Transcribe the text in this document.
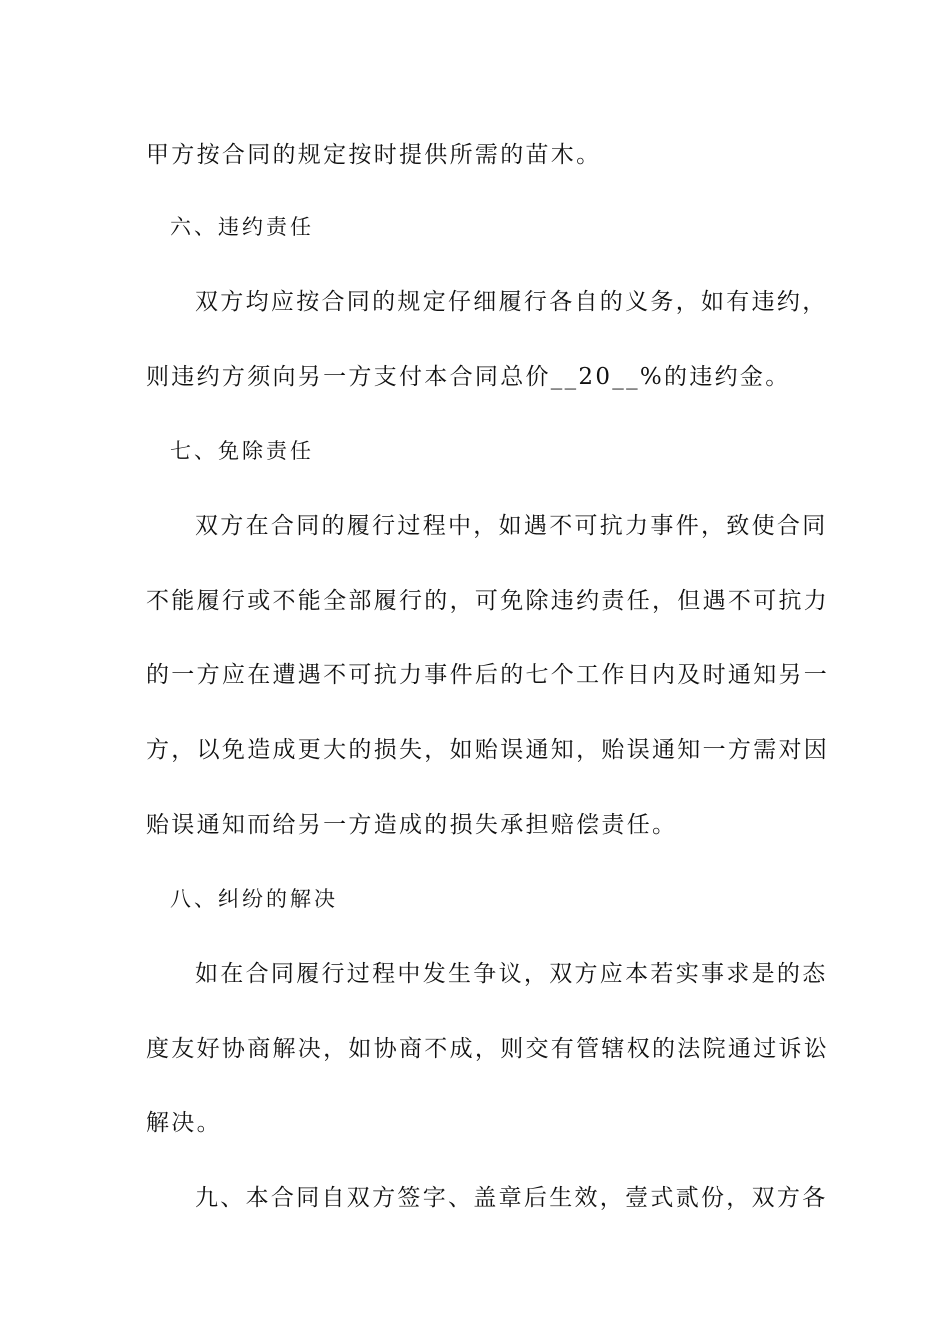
甲方按合同的规定按时提供所需的苗木。

六、违约责任

双方均应按合同的规定仔细履行各自的义务，如有违约，

则违约方须向另一方支付本合同总价__20__%的违约金。

七、免除责任

双方在合同的履行过程中，如遇不可抗力事件，致使合同

不能履行或不能全部履行的，可免除违约责任，但遇不可抗力

的一方应在遭遇不可抗力事件后的七个工作日内及时通知另一

方，以免造成更大的损失，如贻误通知，贻误通知一方需对因

贻误通知而给另一方造成的损失承担赔偿责任。

八、纠纷的解决

如在合同履行过程中发生争议，双方应本若实事求是的态

度友好协商解决，如协商不成，则交有管辖权的法院通过诉讼

解决。

九、本合同自双方签字、盖章后生效，壹式贰份，双方各
